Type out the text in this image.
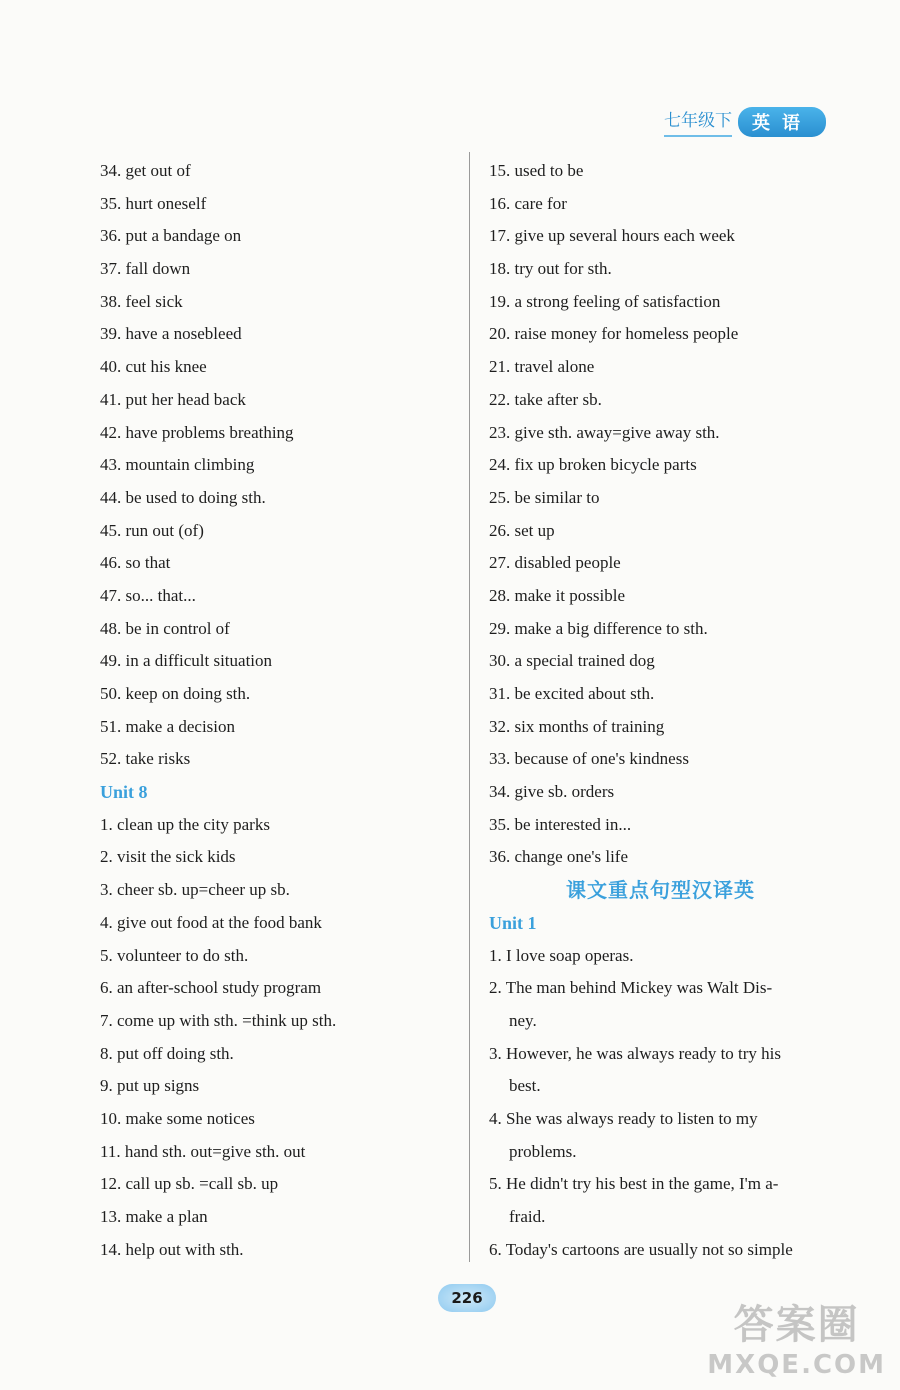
七年级下	英语
34. get out of
35. hurt oneself
36. put a bandage on
37. fall down
38. feel sick
39. have a nosebleed
40. cut his knee
41. put her head back
42. have problems breathing
43. mountain climbing
44. be used to doing sth.
45. run out (of)
46. so that
47. so... that...
48. be in control of
49. in a difficult situation
50. keep on doing sth.
51. make a decision
52. take risks
Unit 8
1. clean up the city parks
2. visit the sick kids
3. cheer sb. up=cheer up sb.
4. give out food at the food bank
5. volunteer to do sth.
6. an after-school study program
7. come up with sth. =think up sth.
8. put off doing sth.
9. put up signs
10. make some notices
11. hand sth. out=give sth. out
12. call up sb. =call sb. up
13. make a plan
14. help out with sth.
15. used to be
16. care for
17. give up several hours each week
18. try out for sth.
19. a strong feeling of satisfaction
20. raise money for homeless people
21. travel alone
22. take after sb.
23. give sth. away=give away sth.
24. fix up broken bicycle parts
25. be similar to
26. set up
27. disabled people
28. make it possible
29. make a big difference to sth.
30. a special trained dog
31. be excited about sth.
32. six months of training
33. because of one's kindness
34. give sb. orders
35. be interested in...
36. change one's life
课文重点句型汉译英
Unit 1
1. I love soap operas.
2. The man behind Mickey was Walt Dis-
ney.
3. However, he was always ready to try his
best.
4. She was always ready to listen to my
problems.
5. He didn't try his best in the game, I'm a-
fraid.
6. Today's cartoons are usually not so simple
226
答案圈
MXQE.COM
